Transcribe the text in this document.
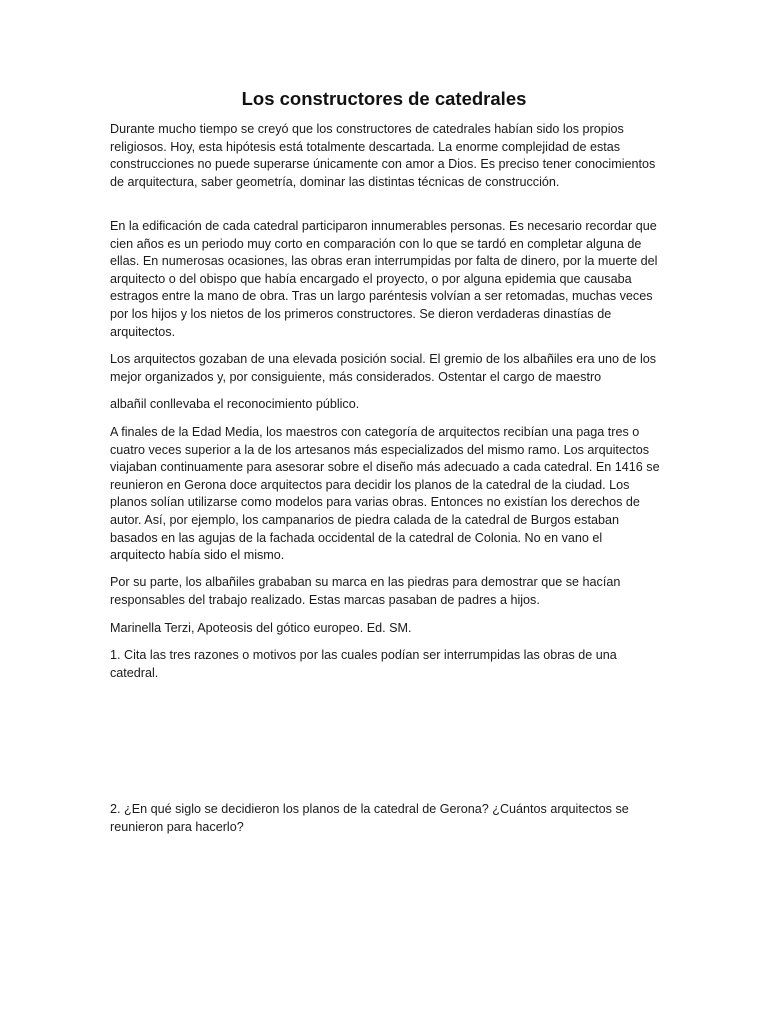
Los constructores de catedrales

Durante mucho tiempo se creyó que los constructores de catedrales habían sido los propios religiosos. Hoy, esta hipótesis está totalmente descartada. La enorme complejidad de estas construcciones no puede superarse únicamente con amor a Dios. Es preciso tener conocimientos de arquitectura, saber geometría, dominar las distintas técnicas de construcción.

En la edificación de cada catedral participaron innumerables personas. Es necesario recordar que cien años es un periodo muy corto en comparación con lo que se tardó en completar alguna de ellas. En numerosas ocasiones, las obras eran interrumpidas por falta de dinero, por la muerte del arquitecto o del obispo que había encargado el proyecto, o por alguna epidemia que causaba estragos entre la mano de obra. Tras un largo paréntesis volvían a ser retomadas, muchas veces por los hijos y los nietos de los primeros constructores. Se dieron verdaderas dinastías de arquitectos.

Los arquitectos gozaban de una elevada posición social. El gremio de los albañiles era uno de los mejor organizados y, por consiguiente, más considerados. Ostentar el cargo de maestro

albañil conllevaba el reconocimiento público.

A finales de la Edad Media, los maestros con categoría de arquitectos recibían una paga tres o cuatro veces superior a la de los artesanos más especializados del mismo ramo. Los arquitectos viajaban continuamente para asesorar sobre el diseño más adecuado a cada catedral. En 1416 se reunieron en Gerona doce arquitectos para decidir los planos de la catedral de la ciudad. Los planos solían utilizarse como modelos para varias obras. Entonces no existían los derechos de autor. Así, por ejemplo, los campanarios de piedra calada de la catedral de Burgos estaban basados en las agujas de la fachada occidental de la catedral de Colonia. No en vano el arquitecto había sido el mismo.

Por su parte, los albañiles grababan su marca en las piedras para demostrar que se hacían responsables del trabajo realizado. Estas marcas pasaban de padres a hijos.

Marinella Terzi, Apoteosis del gótico europeo. Ed. SM.

1. Cita las tres razones o motivos por las cuales podían ser interrumpidas las obras de una catedral.

2. ¿En qué siglo se decidieron los planos de la catedral de Gerona? ¿Cuántos arquitectos se reunieron para hacerlo?
